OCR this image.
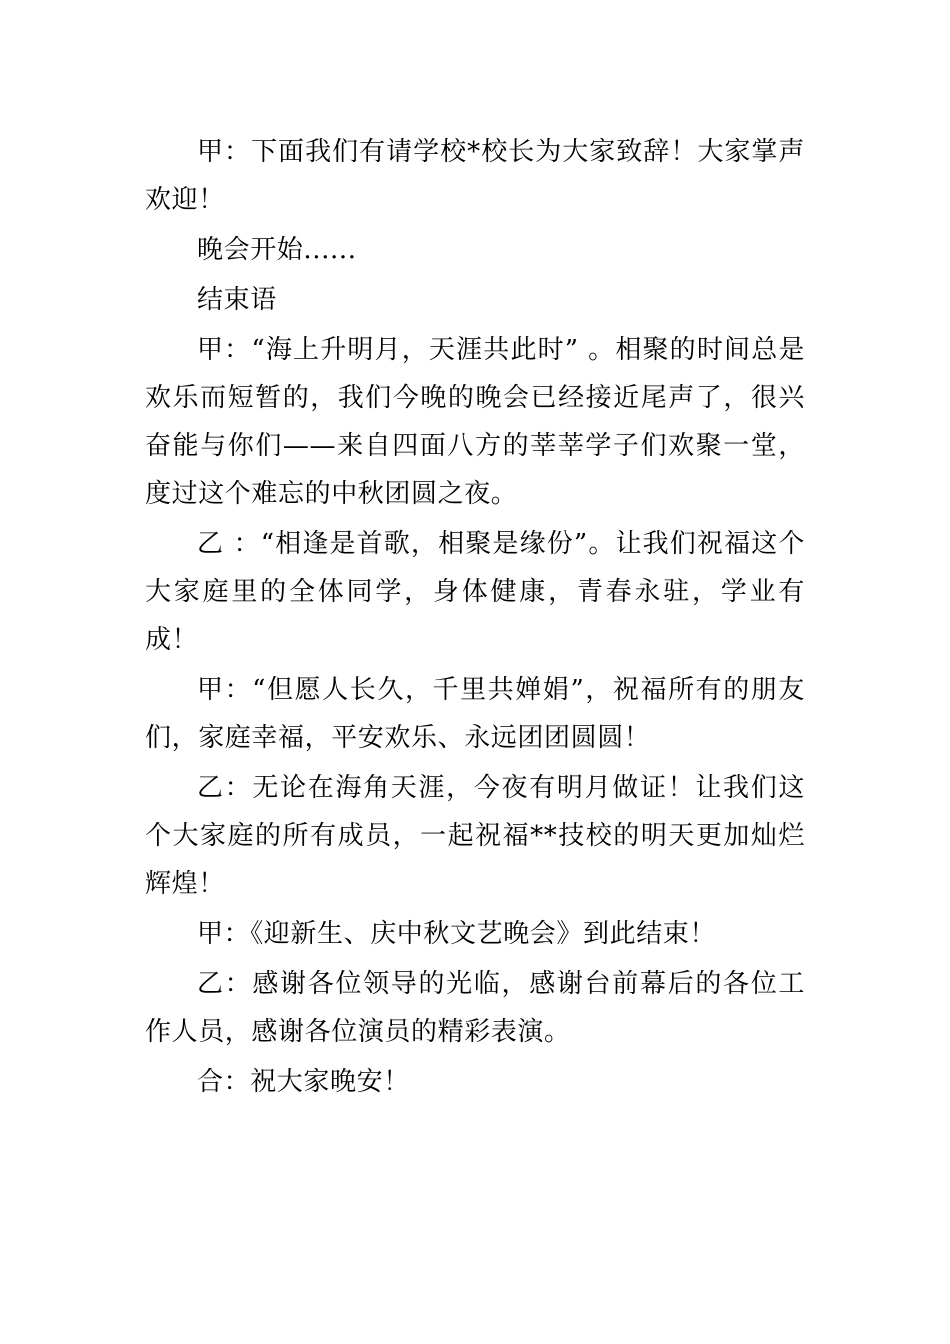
甲：下面我们有请学校*校长为大家致辞！大家掌声欢迎！

晚会开始......

结束语

甲：“海上升明月，天涯共此时” 。相聚的时间总是欢乐而短暂的，我们今晚的晚会已经接近尾声了，很兴奋能与你们——来自四面八方的莘莘学子们欢聚一堂，度过这个难忘的中秋团圆之夜。

乙 ：“相逢是首歌，相聚是缘份”。让我们祝福这个大家庭里的全体同学，身体健康，青春永驻，学业有成！

甲：“但愿人长久，千里共婵娟”，祝福所有的朋友们，家庭幸福，平安欢乐、永远团团圆圆！

乙：无论在海角天涯，今夜有明月做证！让我们这个大家庭的所有成员，一起祝福**技校的明天更加灿烂辉煌！

甲：《迎新生、庆中秋文艺晚会》到此结束！

乙：感谢各位领导的光临，感谢台前幕后的各位工作人员，感谢各位演员的精彩表演。

合：祝大家晚安！
